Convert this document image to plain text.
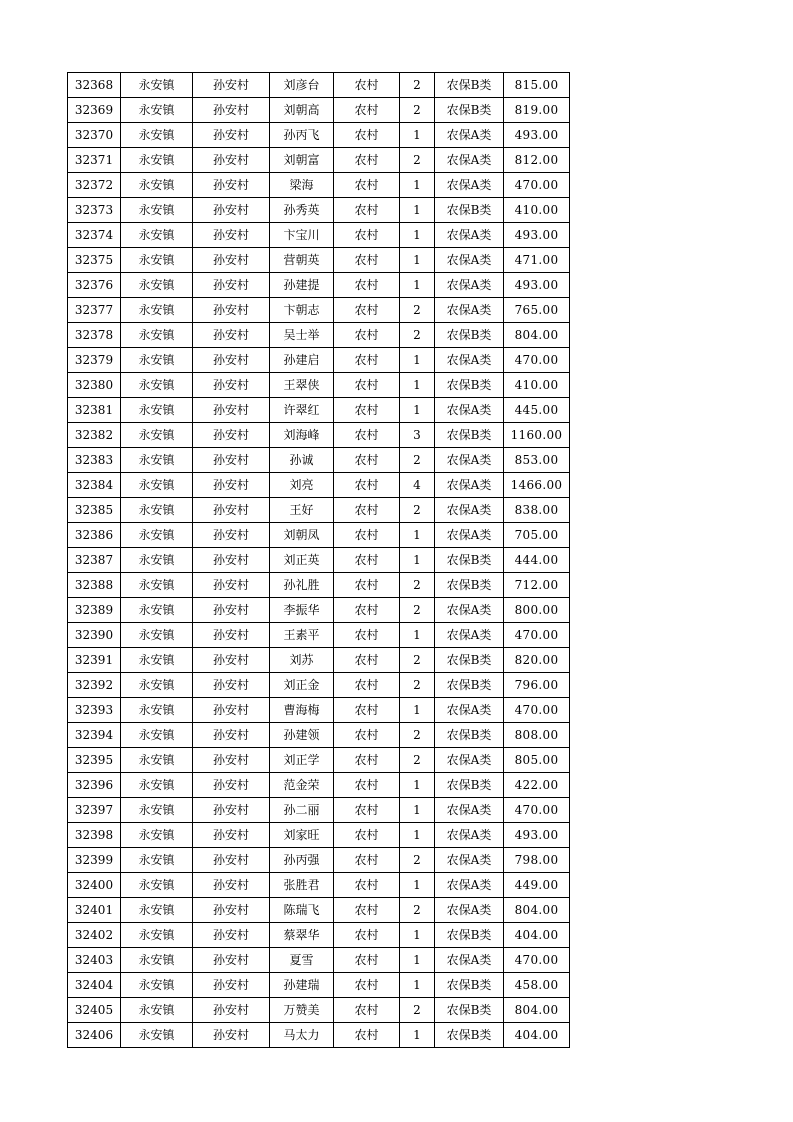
32368	永安镇	孙安村	刘彦台	农村	2	农保B类	815.00
32369	永安镇	孙安村	刘朝高	农村	2	农保B类	819.00
32370	永安镇	孙安村	孙丙飞	农村	1	农保A类	493.00
32371	永安镇	孙安村	刘朝富	农村	2	农保A类	812.00
32372	永安镇	孙安村	梁海	农村	1	农保A类	470.00
32373	永安镇	孙安村	孙秀英	农村	1	农保B类	410.00
32374	永安镇	孙安村	卞宝川	农村	1	农保A类	493.00
32375	永安镇	孙安村	营朝英	农村	1	农保A类	471.00
32376	永安镇	孙安村	孙建提	农村	1	农保A类	493.00
32377	永安镇	孙安村	卞朝志	农村	2	农保A类	765.00
32378	永安镇	孙安村	吴士举	农村	2	农保B类	804.00
32379	永安镇	孙安村	孙建启	农村	1	农保A类	470.00
32380	永安镇	孙安村	王翠侠	农村	1	农保B类	410.00
32381	永安镇	孙安村	许翠红	农村	1	农保A类	445.00
32382	永安镇	孙安村	刘海峰	农村	3	农保B类	1160.00
32383	永安镇	孙安村	孙诚	农村	2	农保A类	853.00
32384	永安镇	孙安村	刘亮	农村	4	农保A类	1466.00
32385	永安镇	孙安村	王好	农村	2	农保A类	838.00
32386	永安镇	孙安村	刘朝凤	农村	1	农保A类	705.00
32387	永安镇	孙安村	刘正英	农村	1	农保B类	444.00
32388	永安镇	孙安村	孙礼胜	农村	2	农保B类	712.00
32389	永安镇	孙安村	李振华	农村	2	农保A类	800.00
32390	永安镇	孙安村	王素平	农村	1	农保A类	470.00
32391	永安镇	孙安村	刘苏	农村	2	农保B类	820.00
32392	永安镇	孙安村	刘正金	农村	2	农保B类	796.00
32393	永安镇	孙安村	曹海梅	农村	1	农保A类	470.00
32394	永安镇	孙安村	孙建领	农村	2	农保B类	808.00
32395	永安镇	孙安村	刘正学	农村	2	农保A类	805.00
32396	永安镇	孙安村	范金荣	农村	1	农保B类	422.00
32397	永安镇	孙安村	孙二丽	农村	1	农保A类	470.00
32398	永安镇	孙安村	刘家旺	农村	1	农保A类	493.00
32399	永安镇	孙安村	孙丙强	农村	2	农保A类	798.00
32400	永安镇	孙安村	张胜君	农村	1	农保A类	449.00
32401	永安镇	孙安村	陈瑞飞	农村	2	农保A类	804.00
32402	永安镇	孙安村	蔡翠华	农村	1	农保B类	404.00
32403	永安镇	孙安村	夏雪	农村	1	农保A类	470.00
32404	永安镇	孙安村	孙建瑞	农村	1	农保B类	458.00
32405	永安镇	孙安村	万赞美	农村	2	农保B类	804.00
32406	永安镇	孙安村	马太力	农村	1	农保B类	404.00
